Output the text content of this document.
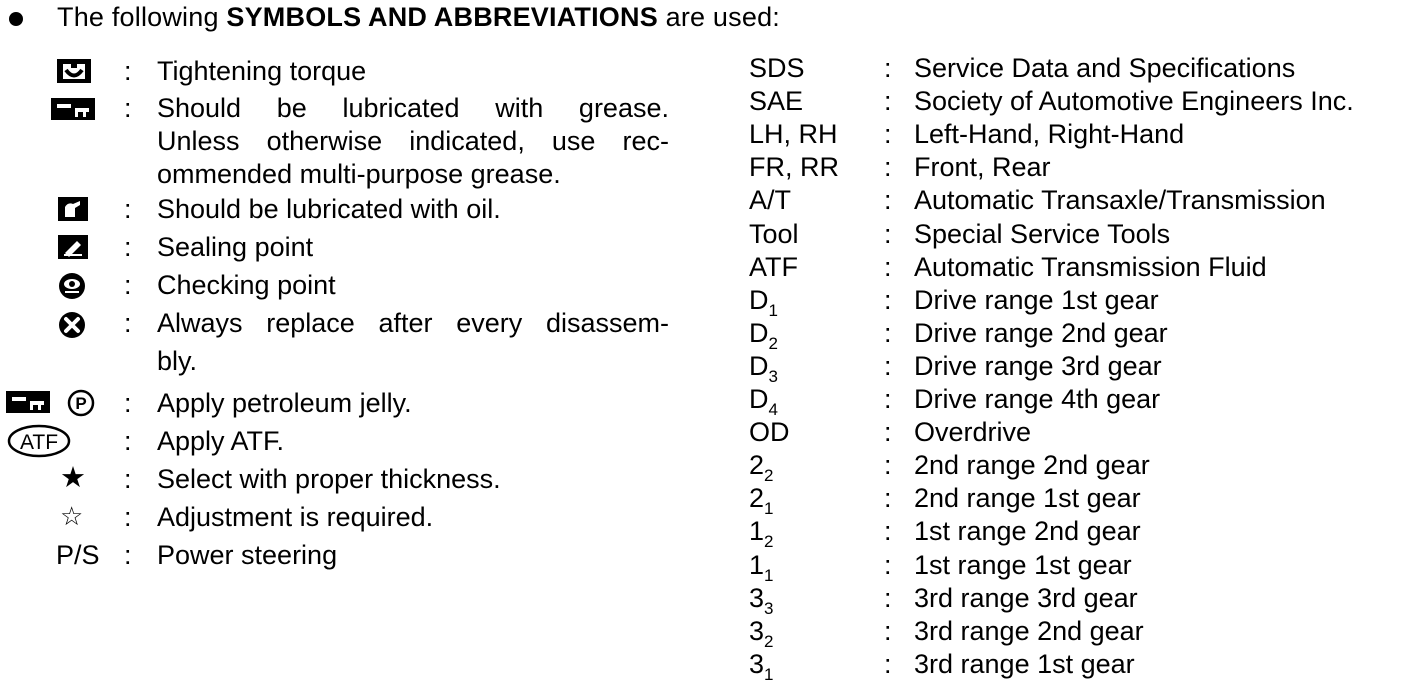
The following SYMBOLS AND ABBREVIATIONS are used:
: Tightening torque
: Should be lubricated with grease.
Unless otherwise indicated, use rec-
ommended multi-purpose grease.
: Should be lubricated with oil.
: Sealing point
: Checking point
: Always replace after every disassem-
bly.
P : Apply petroleum jelly.
ATF : Apply ATF.
★ : Select with proper thickness.
☆ : Adjustment is required.
P/S : Power steering
SDS	: Service Data and Specifications
SAE	: Society of Automotive Engineers Inc.
LH, RH : Left-Hand, Right-Hand
FR, RR : Front, Rear
A/T	: Automatic Transaxle/Transmission
Tool	: Special Service Tools
ATF	: Automatic Transmission Fluid
$D_1$	: Drive range 1st gear
$D_2$	: Drive range 2nd gear
$D_3$	: Drive range 3rd gear
$D_4$	: Drive range 4th gear
OD	: Overdrive
$2_2$	: 2nd range 2nd gear
$2_1$	: 2nd range 1st gear
$1_2$	: 1st range 2nd gear
$1_1$	: 1st range 1st gear
$3_3$	: 3rd range 3rd gear
$3_2$	: 3rd range 2nd gear
$3_1$	: 3rd range 1st gear
